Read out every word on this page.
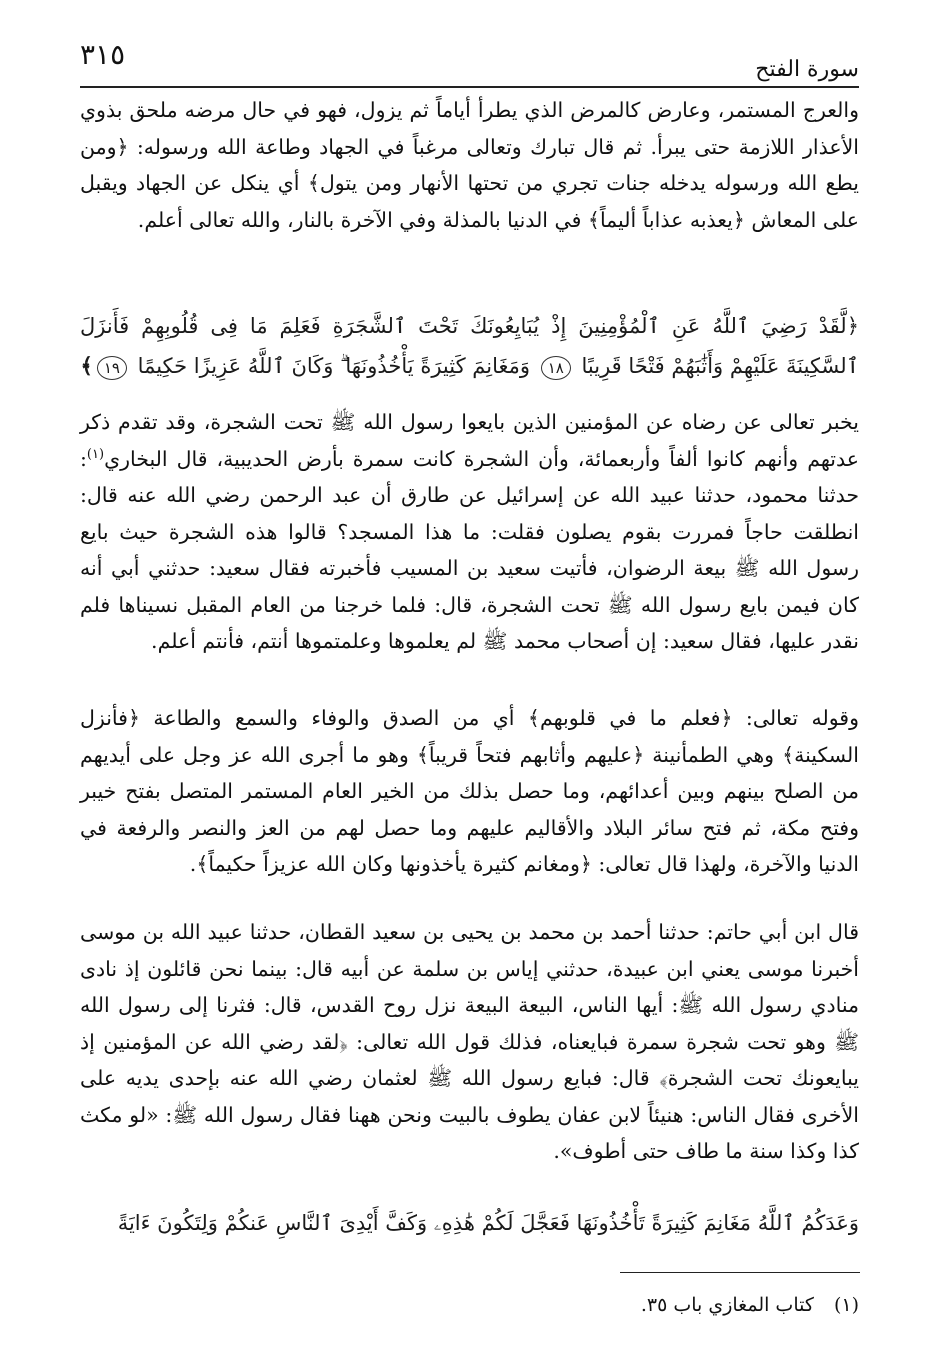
سورة الفتح
٣١٥
والعرج المستمر، وعارض كالمرض الذي يطرأ أياماً ثم يزول، فهو في حال مرضه ملحق بذوي الأعذار اللازمة حتى يبرأ. ثم قال تبارك وتعالى مرغباً في الجهاد وطاعة الله ورسوله: ﴿ومن يطع الله ورسوله يدخله جنات تجري من تحتها الأنهار ومن يتول﴾ أي ينكل عن الجهاد ويقبل على المعاش ﴿يعذبه عذاباً أليماً﴾ في الدنيا بالمذلة وفي الآخرة بالنار، والله تعالى أعلم.
﴿لَّقَدْ رَضِيَ ٱللَّهُ عَنِ ٱلْمُؤْمِنِينَ إِذْ يُبَايِعُونَكَ تَحْتَ ٱلشَّجَرَةِ فَعَلِمَ مَا فِى قُلُوبِهِمْ فَأَنزَلَ ٱلسَّكِينَةَ عَلَيْهِمْ وَأَثَٰبَهُمْ فَتْحًا قَرِيبًا ١٨ وَمَغَانِمَ كَثِيرَةً يَأْخُذُونَهَا ۗ وَكَانَ ٱللَّهُ عَزِيزًا حَكِيمًا ١٩﴾
يخبر تعالى عن رضاه عن المؤمنين الذين بايعوا رسول الله ﷺ تحت الشجرة، وقد تقدم ذكر عدتهم وأنهم كانوا ألفاً وأربعمائة، وأن الشجرة كانت سمرة بأرض الحديبية، قال البخاري$^{(١)}$: حدثنا محمود، حدثنا عبيد الله عن إسرائيل عن طارق أن عبد الرحمن رضي الله عنه قال: انطلقت حاجاً فمررت بقوم يصلون فقلت: ما هذا المسجد؟ قالوا هذه الشجرة حيث بايع رسول الله ﷺ بيعة الرضوان، فأتيت سعيد بن المسيب فأخبرته فقال سعيد: حدثني أبي أنه كان فيمن بايع رسول الله ﷺ تحت الشجرة، قال: فلما خرجنا من العام المقبل نسيناها فلم نقدر عليها، فقال سعيد: إن أصحاب محمد ﷺ لم يعلموها وعلمتموها أنتم، فأنتم أعلم.
وقوله تعالى: ﴿فعلم ما في قلوبهم﴾ أي من الصدق والوفاء والسمع والطاعة ﴿فأنزل السكينة﴾ وهي الطمأنينة ﴿عليهم وأثابهم فتحاً قريباً﴾ وهو ما أجرى الله عز وجل على أيديهم من الصلح بينهم وبين أعدائهم، وما حصل بذلك من الخير العام المستمر المتصل بفتح خيبر وفتح مكة، ثم فتح سائر البلاد والأقاليم عليهم وما حصل لهم من العز والنصر والرفعة في الدنيا والآخرة، ولهذا قال تعالى: ﴿ومغانم كثيرة يأخذونها وكان الله عزيزاً حكيماً﴾.
قال ابن أبي حاتم: حدثنا أحمد بن محمد بن يحيى بن سعيد القطان، حدثنا عبيد الله بن موسى أخبرنا موسى يعني ابن عبيدة، حدثني إياس بن سلمة عن أبيه قال: بينما نحن قائلون إذ نادى منادي رسول الله ﷺ: أيها الناس، البيعة البيعة نزل روح القدس، قال: فثرنا إلى رسول الله ﷺ وهو تحت شجرة سمرة فبايعناه، فذلك قول الله تعالى: ﴿لقد رضي الله عن المؤمنين إذ يبايعونك تحت الشجرة﴾ قال: فبايع رسول الله ﷺ لعثمان رضي الله عنه بإحدى يديه على الأخرى فقال الناس: هنيئاً لابن عفان يطوف بالبيت ونحن ههنا فقال رسول الله ﷺ: «لو مكث كذا وكذا سنة ما طاف حتى أطوف».
وَعَدَكُمُ ٱللَّهُ مَغَانِمَ كَثِيرَةً تَأْخُذُونَهَا فَعَجَّلَ لَكُمْ هَٰذِهِۦ وَكَفَّ أَيْدِىَ ٱلنَّاسِ عَنكُمْ وَلِتَكُونَ ءَايَةً
(١) كتاب المغازي باب ٣٥.
